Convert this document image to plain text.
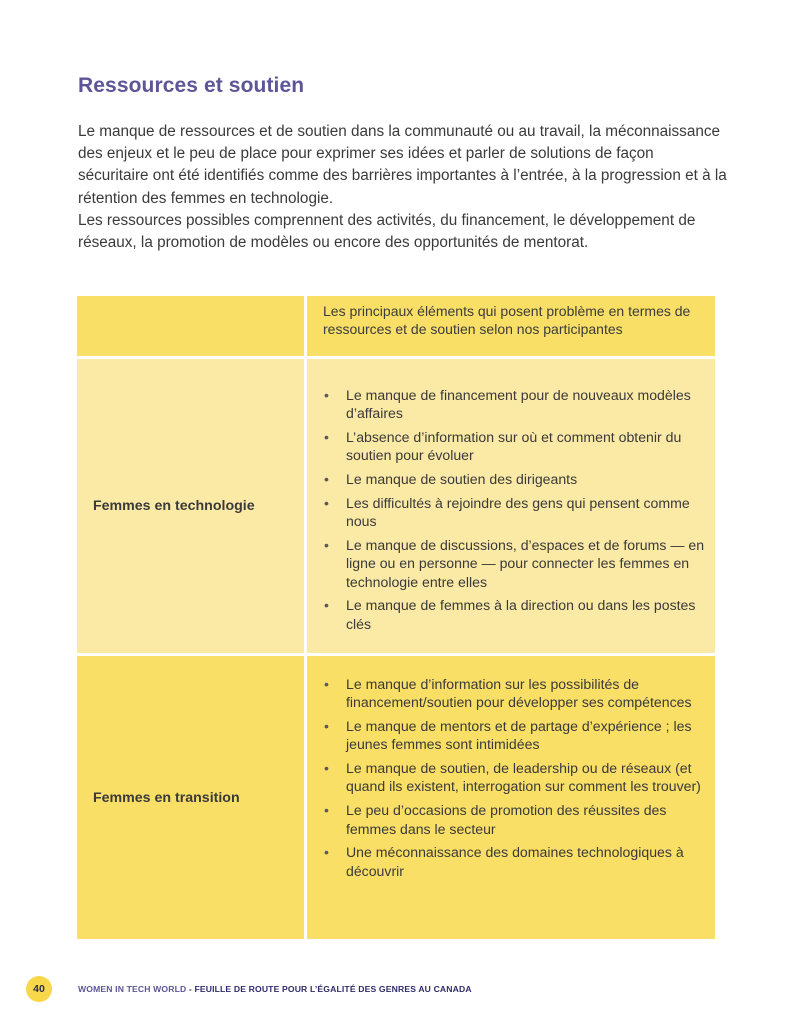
Ressources et soutien

Le manque de ressources et de soutien dans la communauté ou au travail, la méconnaissance des enjeux et le peu de place pour exprimer ses idées et parler de solutions de façon sécuritaire ont été identifiés comme des barrières importantes à l’entrée, à la progression et à la rétention des femmes en technologie.

Les ressources possibles comprennent des activités, du financement, le développement de réseaux, la promotion de modèles ou encore des opportunités de mentorat.

Les principaux éléments qui posent problème en termes de ressources et de soutien selon nos participantes
Femmes en technologie
• Le manque de financement pour de nouveaux modèles d’affaires
• L’absence d’information sur où et comment obtenir du soutien pour évoluer
• Le manque de soutien des dirigeants
• Les difficultés à rejoindre des gens qui pensent comme nous
• Le manque de discussions, d’espaces et de forums — en ligne ou en personne — pour connecter les femmes en technologie entre elles
• Le manque de femmes à la direction ou dans les postes clés
Femmes en transition
• Le manque d’information sur les possibilités de financement/soutien pour développer ses compétences
• Le manque de mentors et de partage d’expérience ; les jeunes femmes sont intimidées
• Le manque de soutien, de leadership ou de réseaux (et quand ils existent, interrogation sur comment les trouver)
• Le peu d’occasions de promotion des réussites des femmes dans le secteur
• Une méconnaissance des domaines technologiques à découvrir
40	WOMEN IN TECH WORLD - FEUILLE DE ROUTE POUR L’ÉGALITÉ DES GENRES AU CANADA
